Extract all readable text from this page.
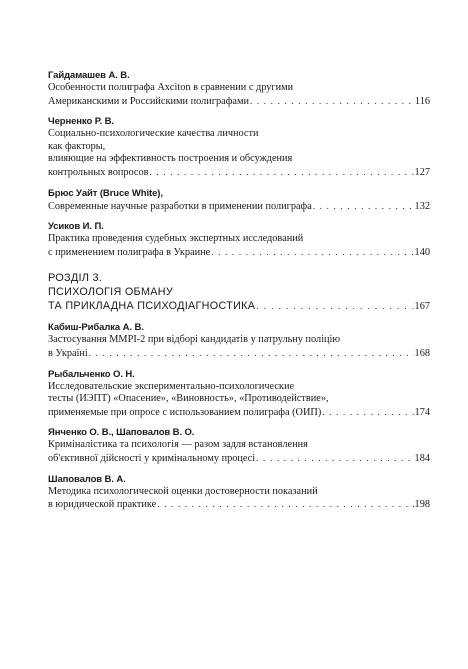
Гайдамашев А. В.
Особенности полиграфа Axciton в сравнении с другими
Американскими и Российскими полиграфами . . .	116
Черненко Р. В.
Социально-психологические качества личности
как факторы,
влияющие на эффективность построения и обсуждения
контрольных вопросов . . .	127
Брюс Уайт (Bruce White),
Современные научные разработки в применении полиграфа . . .	132
Усиков И. П.
Практика проведения судебных экспертных исследований
с применением полиграфа в Украине . . .	140
РОЗДІЛ 3.
ПСИХОЛОГІЯ ОБМАНУ
ТА ПРИКЛАДНА ПСИХОДІАГНОСТИКА . . .	167
Кабиш-Рибалка А. В.
Застосування MMPI-2 при відборі кандидатів у патрульну поліцію
в Україні . . .	168
Рыбальченко О. Н.
Исследовательские экспериментально-психологические
тесты (ИЭПТ) «Опасение», «Виновность», «Противодействие»,
применяемые при опросе с использованием полиграфа (ОИП) . . .	174
Янченко О. В., Шаповалов В. О.
Криміналістика та психологія — разом задля встановлення
об'єктивної дійсності у кримінальному процесі . . .	184
Шаповалов В. А.
Методика психологической оценки достоверности показаний
в юридической практике . . .	198
